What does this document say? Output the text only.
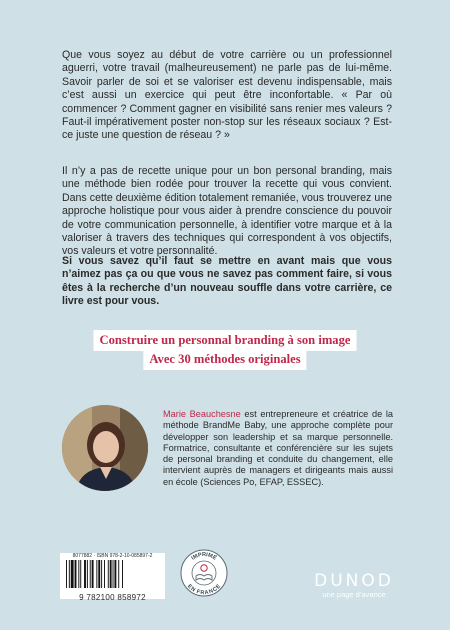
Que vous soyez au début de votre carrière ou un professionnel aguerri, votre travail (malheureusement) ne parle pas de lui-même. Savoir parler de soi et se valoriser est devenu indispensable, mais c’est aussi un exercice qui peut être inconfortable. « Par où commencer ? Comment gagner en visibilité sans renier mes valeurs ? Faut-il impérativement poster non-stop sur les réseaux sociaux ? Est-ce juste une question de réseau ? »

Il n’y a pas de recette unique pour un bon personal branding, mais une méthode bien rodée pour trouver la recette qui vous convient. Dans cette deuxième édition totalement remaniée, vous trouverez une approche holistique pour vous aider à prendre conscience du pouvoir de votre communication personnelle, à identifier votre marque et à la valoriser à travers des techniques qui correspondent à vos objectifs, vos valeurs et votre personnalité.

Si vous savez qu’il faut se mettre en avant mais que vous n’aimez pas ça ou que vous ne savez pas comment faire, si vous êtes à la recherche d’un nouveau souffle dans votre carrière, ce livre est pour vous.

Construire un personnal branding à son image
Avec 30 méthodes originales

Marie Beauchesne est entrepreneure et créatrice de la méthode BrandMe Baby, une approche complète pour développer son leadership et sa marque personnelle. Formatrice, consultante et conférencière sur les sujets de personal branding et conduite du changement, elle intervient auprès de managers et dirigeants mais aussi en école (Sciences Po, EFAP, ESSEC).

8077882 · ISBN 978-2-10-085897-2
9 782100 858972
IMPRIMÉ
EN FRANCE	DUNOD
une page d’avance
